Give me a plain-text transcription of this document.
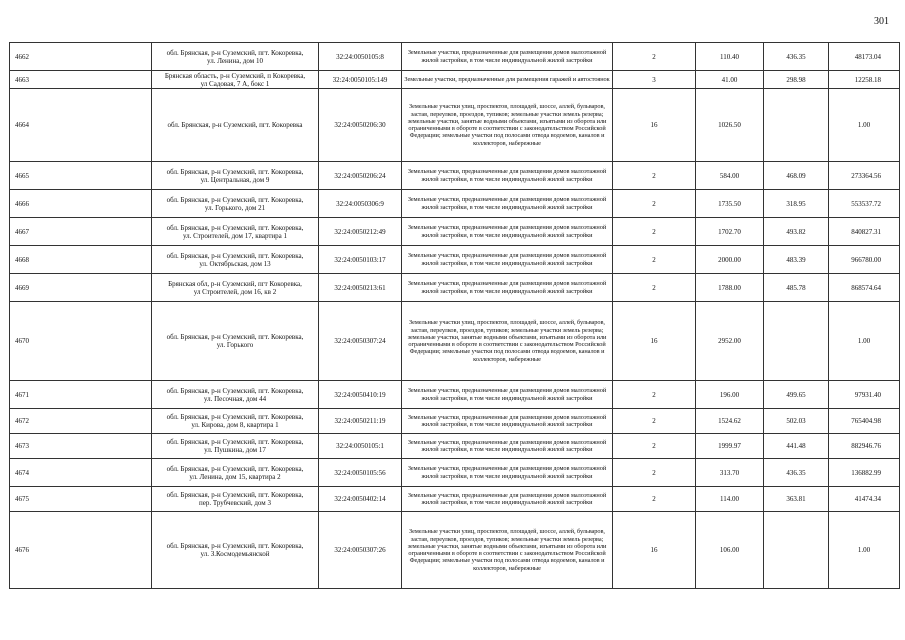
301
4662	обл. Брянская, р-н Суземский, пгт. Кокоревка,
ул. Ленина, дом 10	32:24:0050105:8	Земельные участки, предназначенные для размещения домов малоэтажной жилой застройки, в том числе индивидуальной жилой застройки	2	110.40	436.35	48173.04
4663	Брянская область, р-н Суземский, п Кокоревка,
ул Садовая, 7 А, бокс 1	32:24:0050105:149	Земельные участки, предназначенные для размещения гаражей и автостоянок	3	41.00	298.98	12258.18
4664	обл. Брянская, р-н Суземский, пгт. Кокоревка	32:24:0050206:30	Земельные участки улиц, проспектов, площадей, шоссе, аллей, бульваров, застав, переулков, проездов, тупиков; земельные участки земель резерва; земельные участки, занятые водными объектами, изъятыми из оборота или ограниченными в обороте в соответствии с законодательством Российской Федерации; земельные участки под полосами отвода водоемов, каналов и коллекторов, набережные	16	1026.50		1.00
4665	обл. Брянская, р-н Суземский, пгт. Кокоревка,
ул. Центральная, дом 9	32:24:0050206:24	Земельные участки, предназначенные для размещения домов малоэтажной жилой застройки, в том числе индивидуальной жилой застройки	2	584.00	468.09	273364.56
4666	обл. Брянская, р-н Суземский, пгт. Кокоревка,
ул. Горького, дом 21	32:24:0050306:9	Земельные участки, предназначенные для размещения домов малоэтажной жилой застройки, в том числе индивидуальной жилой застройки	2	1735.50	318.95	553537.72
4667	обл. Брянская, р-н Суземский, пгт. Кокоревка,
ул. Строителей, дом 17, квартира 1	32:24:0050212:49	Земельные участки, предназначенные для размещения домов малоэтажной жилой застройки, в том числе индивидуальной жилой застройки	2	1702.70	493.82	840827.31
4668	обл. Брянская, р-н Суземский, пгт. Кокоревка,
ул. Октябрьская, дом 13	32:24:0050103:17	Земельные участки, предназначенные для размещения домов малоэтажной жилой застройки, в том числе индивидуальной жилой застройки	2	2000.00	483.39	966780.00
4669	Брянская обл, р-н Суземский, пгт Кокоревка,
ул Строителей, дом 16, кв 2	32:24:0050213:61	Земельные участки, предназначенные для размещения домов малоэтажной жилой застройки, в том числе индивидуальной жилой застройки	2	1788.00	485.78	868574.64
4670	обл. Брянская, р-н Суземский, пгт. Кокоревка,
ул. Горького	32:24:0050307:24	Земельные участки улиц, проспектов, площадей, шоссе, аллей, бульваров, застав, переулков, проездов, тупиков; земельные участки земель резерва; земельные участки, занятые водными объектами, изъятыми из оборота или ограниченными в обороте в соответствии с законодательством Российской Федерации; земельные участки под полосами отвода водоемов, каналов и коллекторов, набережные	16	2952.00		1.00
4671	обл. Брянская, р-н Суземский, пгт. Кокоревка,
ул. Песочная, дом 44	32:24:0050410:19	Земельные участки, предназначенные для размещения домов малоэтажной жилой застройки, в том числе индивидуальной жилой застройки	2	196.00	499.65	97931.40
4672	обл. Брянская, р-н Суземский, пгт. Кокоревка,
ул. Кирова, дом 8, квартира 1	32:24:0050211:19	Земельные участки, предназначенные для размещения домов малоэтажной жилой застройки, в том числе индивидуальной жилой застройки	2	1524.62	502.03	765404.98
4673	обл. Брянская, р-н Суземский, пгт. Кокоревка,
ул. Пушкина, дом 17	32:24:0050105:1	Земельные участки, предназначенные для размещения домов малоэтажной жилой застройки, в том числе индивидуальной жилой застройки	2	1999.97	441.48	882946.76
4674	обл. Брянская, р-н Суземский, пгт. Кокоревка,
ул. Ленина, дом 15, квартира 2	32:24:0050105:56	Земельные участки, предназначенные для размещения домов малоэтажной жилой застройки, в том числе индивидуальной жилой застройки	2	313.70	436.35	136882.99
4675	обл. Брянская, р-н Суземский, пгт. Кокоревка,
пер. Трубчевский, дом 3	32:24:0050402:14	Земельные участки, предназначенные для размещения домов малоэтажной жилой застройки, в том числе индивидуальной жилой застройки	2	114.00	363.81	41474.34
4676	обл. Брянская, р-н Суземский, пгт. Кокоревка,
ул. З.Космодемьянской	32:24:0050307:26	Земельные участки улиц, проспектов, площадей, шоссе, аллей, бульваров, застав, переулков, проездов, тупиков; земельные участки земель резерва; земельные участки, занятые водными объектами, изъятыми из оборота или ограниченными в обороте в соответствии с законодательством Российской Федерации; земельные участки под полосами отвода водоемов, каналов и коллекторов, набережные	16	106.00		1.00
